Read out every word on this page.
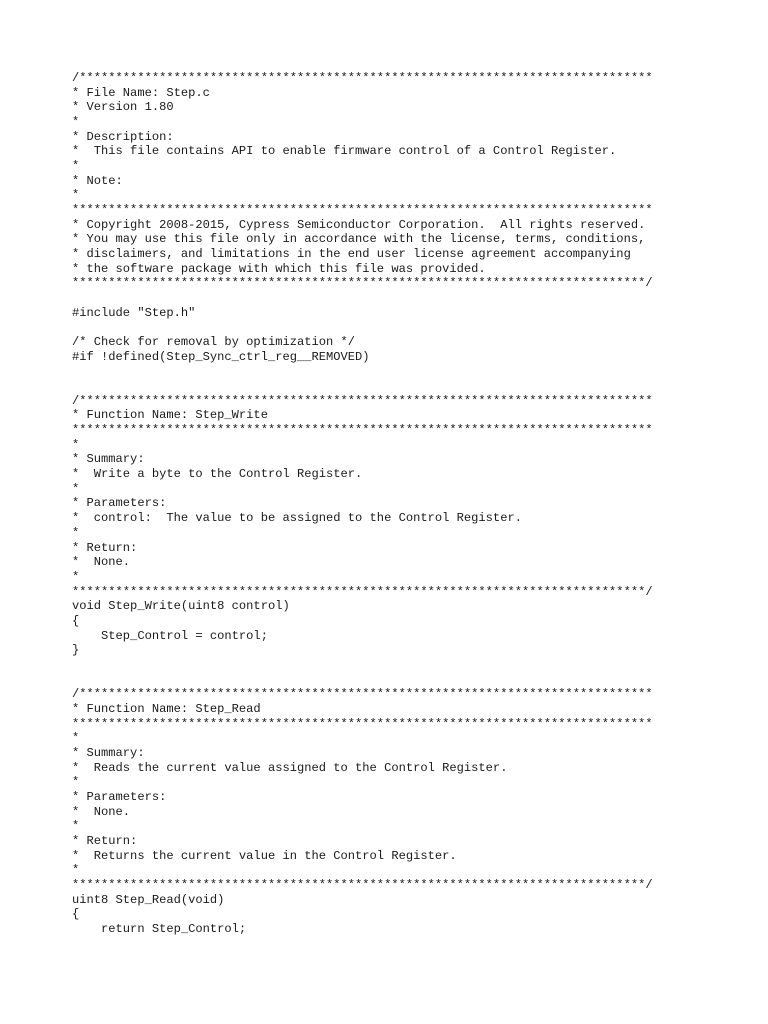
/*******************************************************************************
* File Name: Step.c
* Version 1.80
*
* Description:
*  This file contains API to enable firmware control of a Control Register.
*
* Note:
*
********************************************************************************
* Copyright 2008-2015, Cypress Semiconductor Corporation.  All rights reserved.
* You may use this file only in accordance with the license, terms, conditions,
* disclaimers, and limitations in the end user license agreement accompanying
* the software package with which this file was provided.
*******************************************************************************/
#include "Step.h"
/* Check for removal by optimization */
#if !defined(Step_Sync_ctrl_reg__REMOVED)
/*******************************************************************************
* Function Name: Step_Write
********************************************************************************
*
* Summary:
*  Write a byte to the Control Register.
*
* Parameters:
*  control:  The value to be assigned to the Control Register.
*
* Return:
*  None.
*
*******************************************************************************/
void Step_Write(uint8 control)
{
Step_Control = control;
}
/*******************************************************************************
* Function Name: Step_Read
********************************************************************************
*
* Summary:
*  Reads the current value assigned to the Control Register.
*
* Parameters:
*  None.
*
* Return:
*  Returns the current value in the Control Register.
*
*******************************************************************************/
uint8 Step_Read(void)
{
return Step_Control;
